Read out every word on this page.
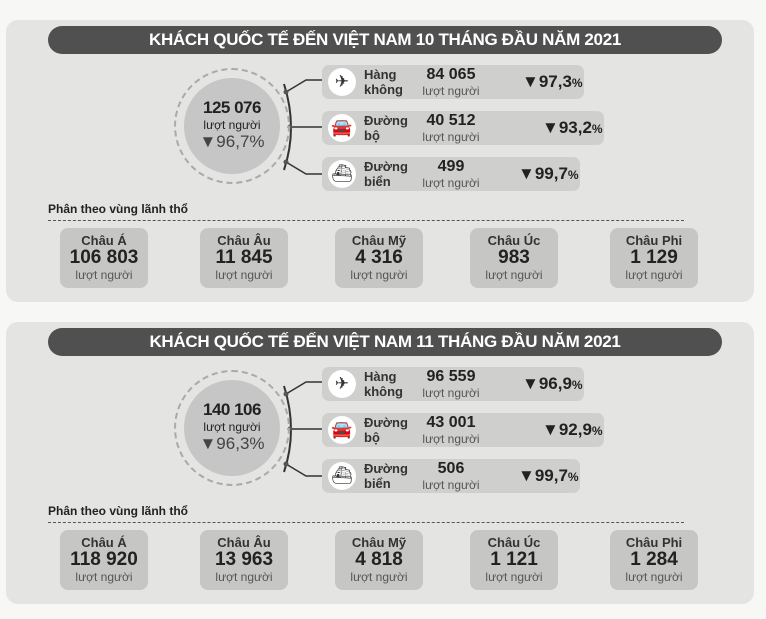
KHÁCH QUỐC TẾ ĐẾN VIỆT NAM 10 THÁNG ĐẦU NĂM 2021
125 076
lượt người
▼96,7%
✈	Hàng
không
84 065
lượt người	▼97,3%
🚘 Đường
bộ
40 512
lượt người	▼93,2%
⛴ Đường
biển
499
lượt người	▼99,7%
Phân theo vùng lãnh thổ
Châu Á
106 803
lượt người
Châu Âu
11 845
lượt người
Châu Mỹ
4 316
lượt người
Châu Úc
983
lượt người
Châu Phi
1 129
lượt người
KHÁCH QUỐC TẾ ĐẾN VIỆT NAM 11 THÁNG ĐẦU NĂM 2021
140 106
lượt người
▼96,3%
✈	Hàng
không
96 559
lượt người	▼96,9%
🚘 Đường
bộ
43 001
lượt người	▼92,9%
⛴ Đường
biển
506
lượt người	▼99,7%
Phân theo vùng lãnh thổ
Châu Á
118 920
lượt người
Châu Âu
13 963
lượt người
Châu Mỹ
4 818
lượt người
Châu Úc
1 121
lượt người
Châu Phi
1 284
lượt người
